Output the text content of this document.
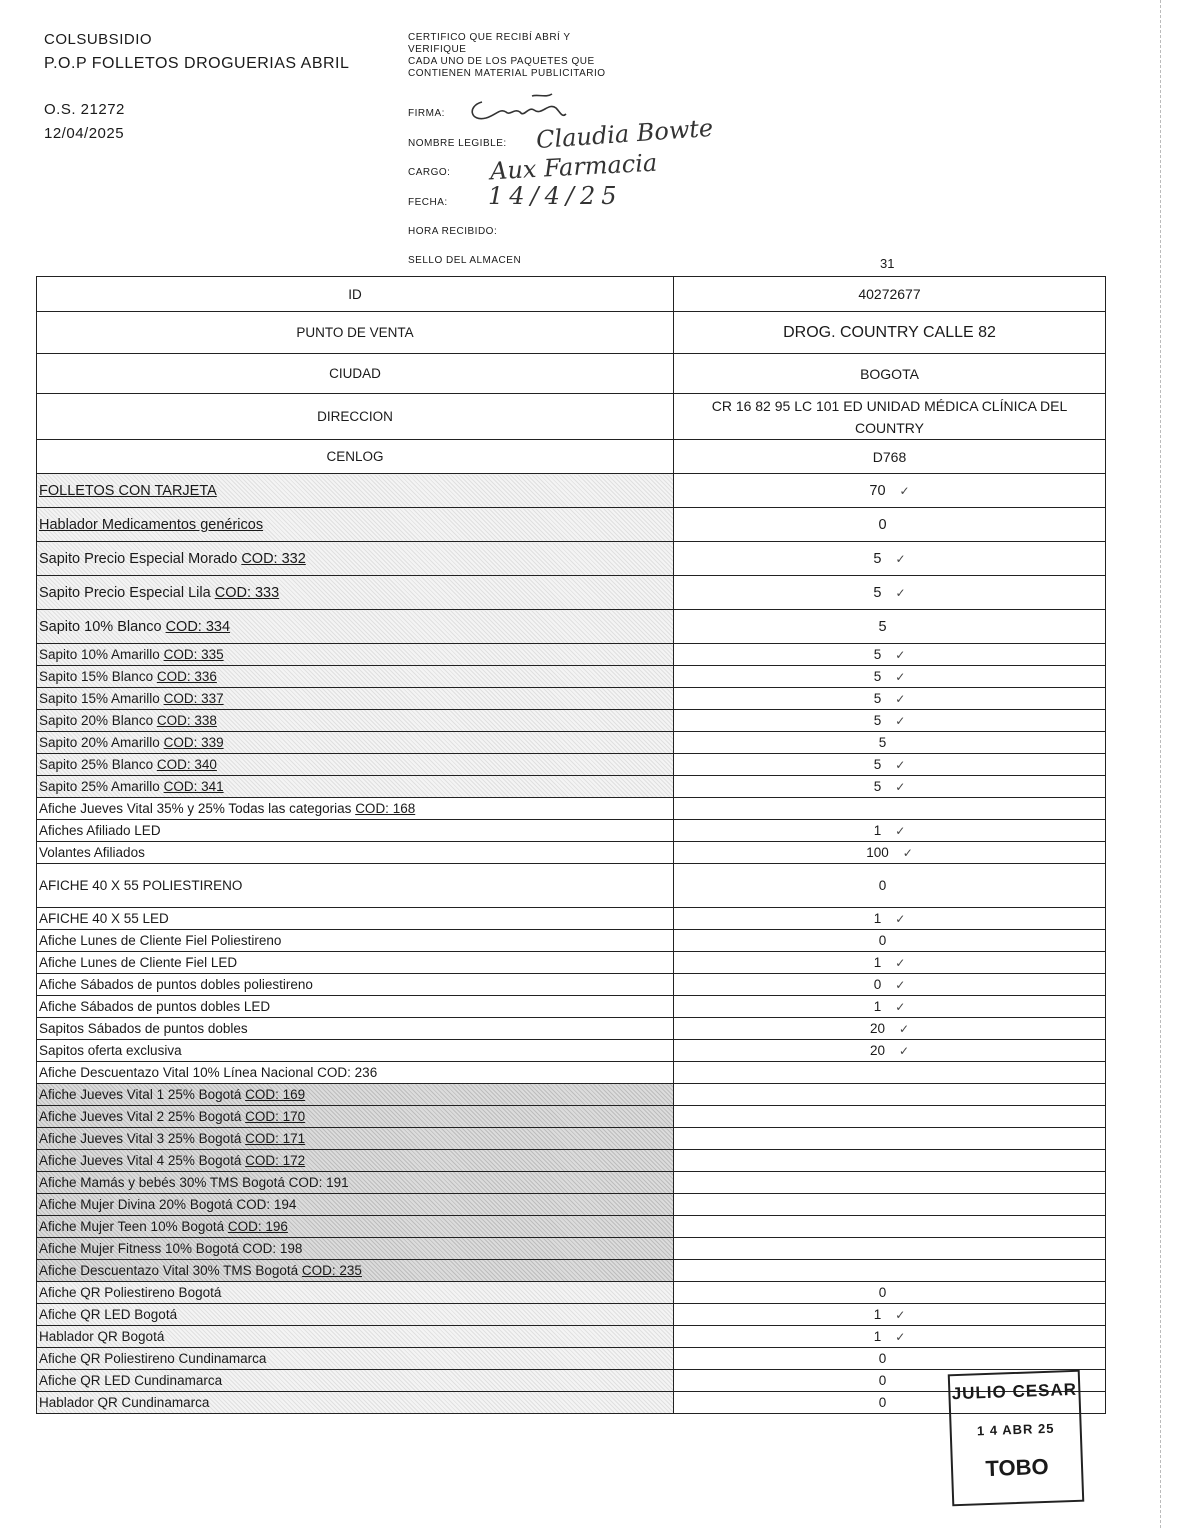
COLSUBSIDIO
P.O.P FOLLETOS DROGUERIAS ABRIL
O.S. 21272
12/04/2025
CERTIFICO QUE RECIBÍ ABRÍ Y
VERIFIQUE
CADA UNO DE LOS PAQUETES QUE
CONTIENEN MATERIAL PUBLICITARIO
FIRMA:
NOMBRE LEGIBLE: Claudia Bowte
CARGO: Aux Farmacia
FECHA: 14/4/25
HORA RECIBIDO:
SELLO DEL ALMACEN	31
ID	40272677
PUNTO DE VENTA	DROG. COUNTRY CALLE 82
CIUDAD	BOGOTA
DIRECCION	CR 16 82 95 LC 101 ED UNIDAD MÉDICA CLÍNICA DEL COUNTRY
CENLOG	D768
FOLLETOS CON TARJETA	70 ✓
Hablador Medicamentos genéricos	0
Sapito Precio Especial Morado COD: 332	5 ✓
Sapito Precio Especial Lila COD: 333	5 ✓
Sapito 10% Blanco COD: 334	5
Sapito 10% Amarillo COD: 335	5 ✓
Sapito 15% Blanco COD: 336	5 ✓
Sapito 15% Amarillo COD: 337	5 ✓
Sapito 20% Blanco COD: 338	5 ✓
Sapito 20% Amarillo COD: 339	5
Sapito 25% Blanco COD: 340	5 ✓
Sapito 25% Amarillo COD: 341	5 ✓
Afiche Jueves Vital 35% y 25% Todas las categorias COD: 168	
Afiches Afiliado LED	1 ✓
Volantes Afiliados	100 ✓
AFICHE 40 X 55 POLIESTIRENO	0
AFICHE 40 X 55 LED	1 ✓
Afiche Lunes de Cliente Fiel Poliestireno	0
Afiche Lunes de Cliente Fiel LED	1 ✓
Afiche Sábados de puntos dobles poliestireno	0 ✓
Afiche Sábados de puntos dobles LED	1 ✓
Sapitos Sábados de puntos dobles	20 ✓
Sapitos oferta exclusiva	20 ✓
Afiche Descuentazo Vital 10% Línea Nacional COD: 236	
Afiche Jueves Vital 1 25% Bogotá COD: 169	
Afiche Jueves Vital 2 25% Bogotá COD: 170	
Afiche Jueves Vital 3 25% Bogotá COD: 171	
Afiche Jueves Vital 4 25% Bogotá COD: 172	
Afiche Mamás y bebés 30% TMS Bogotá COD: 191	
Afiche Mujer Divina 20% Bogotá COD: 194	
Afiche Mujer Teen 10% Bogotá COD: 196	
Afiche Mujer Fitness 10% Bogotá COD: 198	
Afiche Descuentazo Vital 30% TMS Bogotá COD: 235	
Afiche QR Poliestireno Bogotá	0
Afiche QR LED Bogotá	1 ✓
Hablador QR Bogotá	1 ✓
Afiche QR Poliestireno Cundinamarca	0
Afiche QR LED Cundinamarca	0
Hablador QR Cundinamarca	0	JULIO CESAR
1 4 ABR 25
TOBO
